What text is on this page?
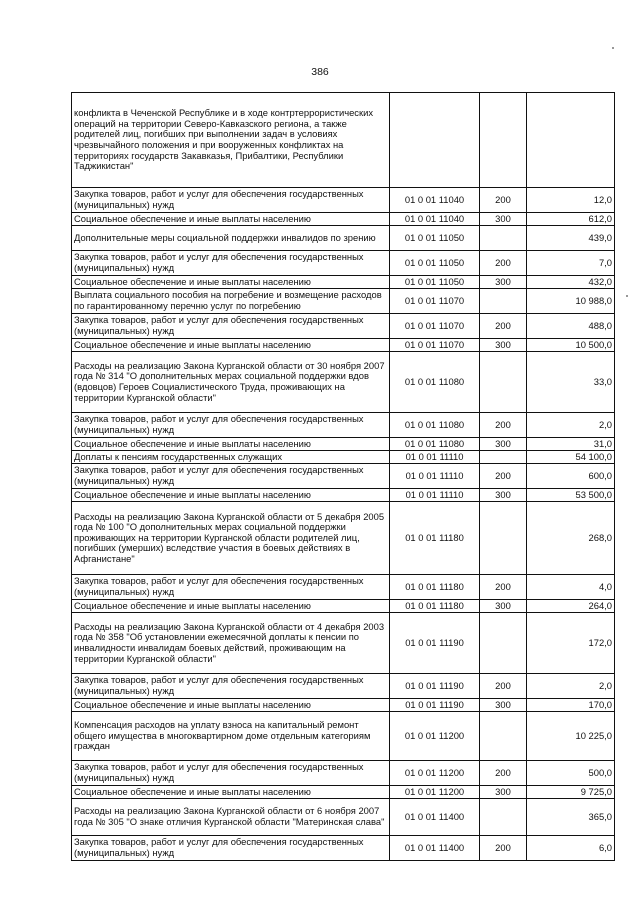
386
конфликта в Чеченской Республике и в ходе контртеррористических операций на территории Северо-Кавказского региона, а также родителей лиц, погибших при выполнении задач в условиях чрезвычайного положения и при вооруженных конфликтах на территориях государств Закавказья, Прибалтики, Республики Таджикистан"			
Закупка товаров, работ и услуг для обеспечения государственных (муниципальных) нужд	01 0 01 11040	200	12,0
Социальное обеспечение и иные выплаты населению	01 0 01 11040	300	612,0
Дополнительные меры социальной поддержки инвалидов по зрению	01 0 01 11050		439,0
Закупка товаров, работ и услуг для обеспечения государственных (муниципальных) нужд	01 0 01 11050	200	7,0
Социальное обеспечение и иные выплаты населению	01 0 01 11050	300	432,0
Выплата социального пособия на погребение и возмещение расходов по гарантированному перечню услуг по погребению	01 0 01 11070		10 988,0
Закупка товаров, работ и услуг для обеспечения государственных (муниципальных) нужд	01 0 01 11070	200	488,0
Социальное обеспечение и иные выплаты населению	01 0 01 11070	300	10 500,0
Расходы на реализацию Закона Курганской области от 30 ноября 2007 года № 314 "О дополнительных мерах социальной поддержки вдов (вдовцов) Героев Социалистического Труда, проживающих на территории Курганской области"	01 0 01 11080		33,0
Закупка товаров, работ и услуг для обеспечения государственных (муниципальных) нужд	01 0 01 11080	200	2,0
Социальное обеспечение и иные выплаты населению	01 0 01 11080	300	31,0
Доплаты к пенсиям государственных служащих	01 0 01 11110		54 100,0
Закупка товаров, работ и услуг для обеспечения государственных (муниципальных) нужд	01 0 01 11110	200	600,0
Социальное обеспечение и иные выплаты населению	01 0 01 11110	300	53 500,0
Расходы на реализацию Закона Курганской области от 5 декабря 2005 года № 100 "О дополнительных мерах социальной поддержки проживающих на территории Курганской области родителей лиц, погибших (умерших) вследствие участия в боевых действиях в Афганистане"	01 0 01 11180		268,0
Закупка товаров, работ и услуг для обеспечения государственных (муниципальных) нужд	01 0 01 11180	200	4,0
Социальное обеспечение и иные выплаты населению	01 0 01 11180	300	264,0
Расходы на реализацию Закона Курганской области от 4 декабря 2003 года № 358 "Об установлении ежемесячной доплаты к пенсии по инвалидности инвалидам боевых действий, проживающим на территории Курганской области"	01 0 01 11190		172,0
Закупка товаров, работ и услуг для обеспечения государственных (муниципальных) нужд	01 0 01 11190	200	2,0
Социальное обеспечение и иные выплаты населению	01 0 01 11190	300	170,0
Компенсация расходов на уплату взноса на капитальный ремонт общего имущества в многоквартирном доме отдельным категориям граждан	01 0 01 11200		10 225,0
Закупка товаров, работ и услуг для обеспечения государственных (муниципальных) нужд	01 0 01 11200	200	500,0
Социальное обеспечение и иные выплаты населению	01 0 01 11200	300	9 725,0
Расходы на реализацию Закона Курганской области от 6 ноября 2007 года № 305 "О знаке отличия Курганской области "Материнская слава"	01 0 01 11400		365,0
Закупка товаров, работ и услуг для обеспечения государственных (муниципальных) нужд	01 0 01 11400	200	6,0
